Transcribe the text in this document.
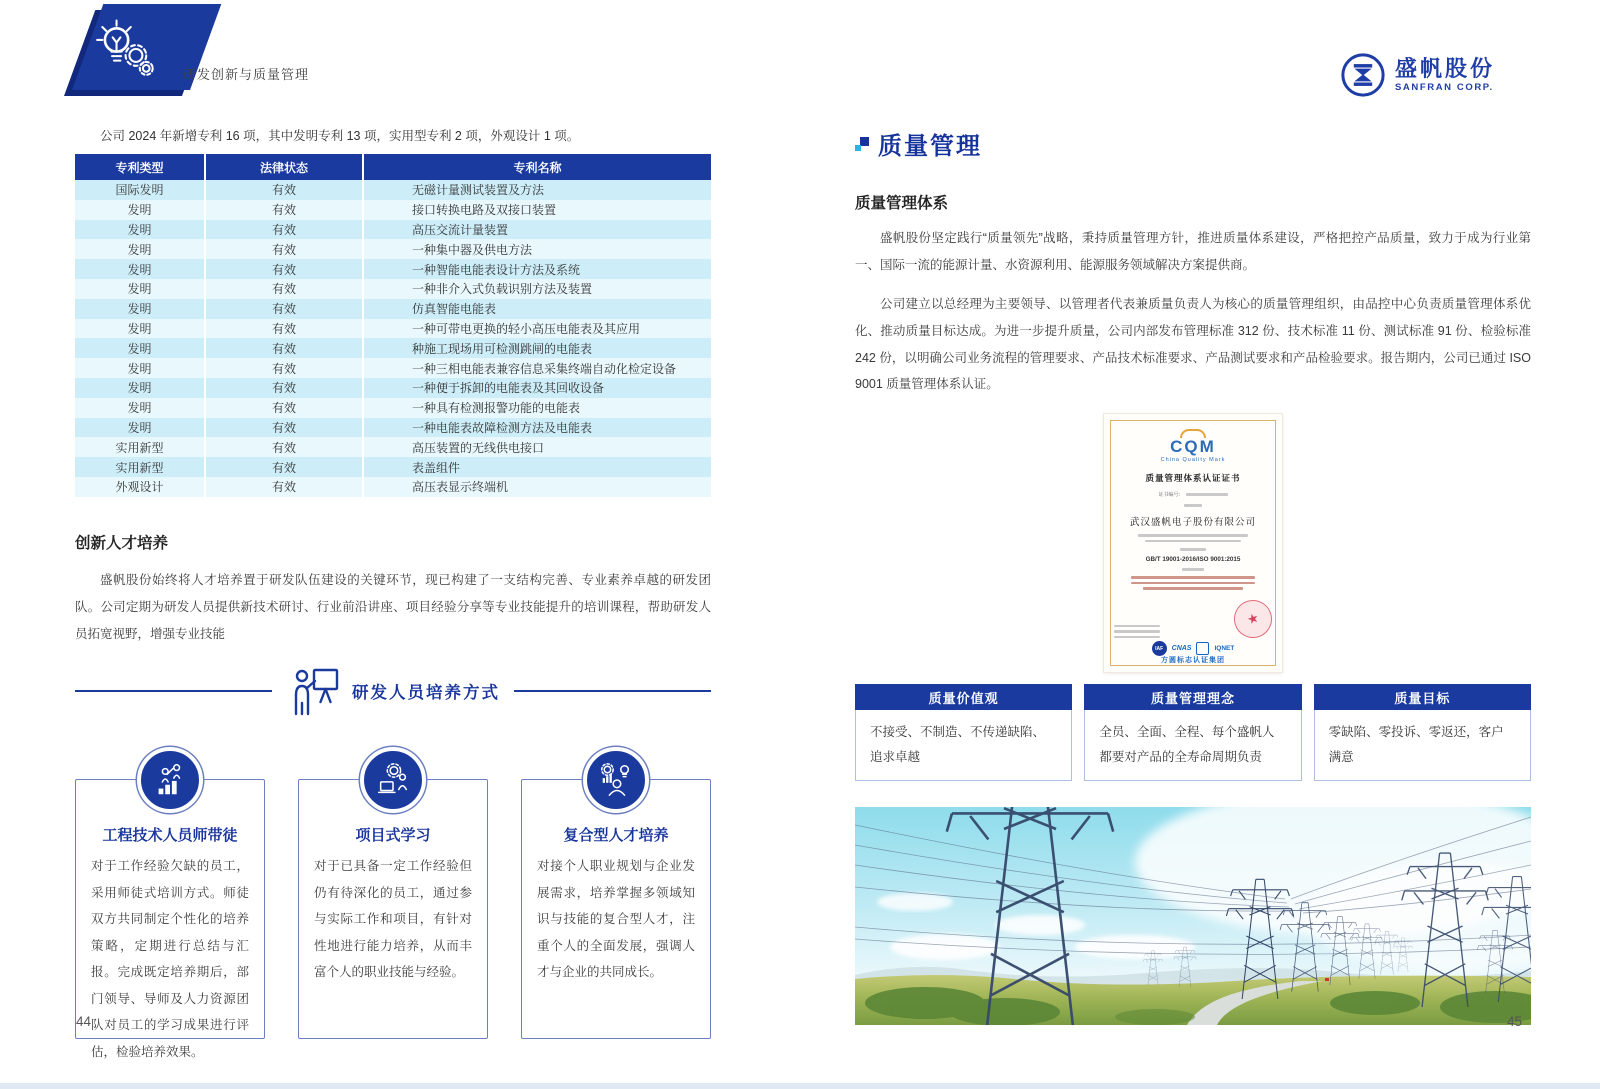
研发创新与质量管理	盛帆股份
SANFRAN CORP.

公司 2024 年新增专利 16 项，其中发明专利 13 项，实用型专利 2 项，外观设计 1 项。

专利类型	法律状态	专利名称
国际发明	有效	无磁计量测试装置及方法
发明	有效	接口转换电路及双接口装置
发明	有效	高压交流计量装置
发明	有效	一种集中器及供电方法
发明	有效	一种智能电能表设计方法及系统
发明	有效	一种非介入式负载识别方法及装置
发明	有效	仿真智能电能表
发明	有效	一种可带电更换的轻小高压电能表及其应用
发明	有效	种施工现场用可检测跳闸的电能表
发明	有效	一种三相电能表兼容信息采集终端自动化检定设备
发明	有效	一种便于拆卸的电能表及其回收设备
发明	有效	一种具有检测报警功能的电能表
发明	有效	一种电能表故障检测方法及电能表
实用新型	有效	高压装置的无线供电接口
实用新型	有效	表盖组件
外观设计	有效	高压表显示终端机
创新人才培养

盛帆股份始终将人才培养置于研发队伍建设的关键环节，现已构建了一支结构完善、专业素养卓越的研发团队。公司定期为研发人员提供新技术研讨、行业前沿讲座、项目经验分享等专业技能提升的培训课程，帮助研发人员拓宽视野，增强专业技能

研发人员培养方式
工程技术人员师带徒
对于工作经验欠缺的员工，采用师徒式培训方式。师徒双方共同制定个性化的培养策略，定期进行总结与汇报。完成既定培养期后，部门领导、导师及人力资源团队对员工的学习成果进行评估，检验培养效果。
项目式学习
对于已具备一定工作经验但仍有待深化的员工，通过参与实际工作和项目，有针对性地进行能力培养，从而丰富个人的职业技能与经验。
复合型人才培养
对接个人职业规划与企业发展需求，培养掌握多领域知识与技能的复合型人才，注重个人的全面发展，强调人才与企业的共同成长。
44
质量管理
质量管理体系

盛帆股份坚定践行“质量领先”战略，秉持质量管理方针，推进质量体系建设，严格把控产品质量，致力于成为行业第一、国际一流的能源计量、水资源利用、能源服务领域解决方案提供商。

公司建立以总经理为主要领导、以管理者代表兼质量负责人为核心的质量管理组织，由品控中心负责质量管理体系优化、推动质量目标达成。为进一步提升质量，公司内部发布管理标准 312 份、技术标准 11 份、测试标准 91 份、检验标准 242 份，以明确公司业务流程的管理要求、产品技术标准要求、产品测试要求和产品检验要求。报告期内，公司已通过 ISO 9001 质量管理体系认证。

CQM
China Quality Mark
质量管理体系认证证书
证书编号：
武汉盛帆电子股份有限公司
GB/T 19001-2016/ISO 9001:2015
★
IAF	CNAS	IQNET
方圆标志认证集团
质量价值观
不接受、不制造、不传递缺陷、追求卓越
质量管理理念
全员、全面、全程、每个盛帆人都要对产品的全寿命周期负责
质量目标
零缺陷、零投诉、零返还，客户满意
45
